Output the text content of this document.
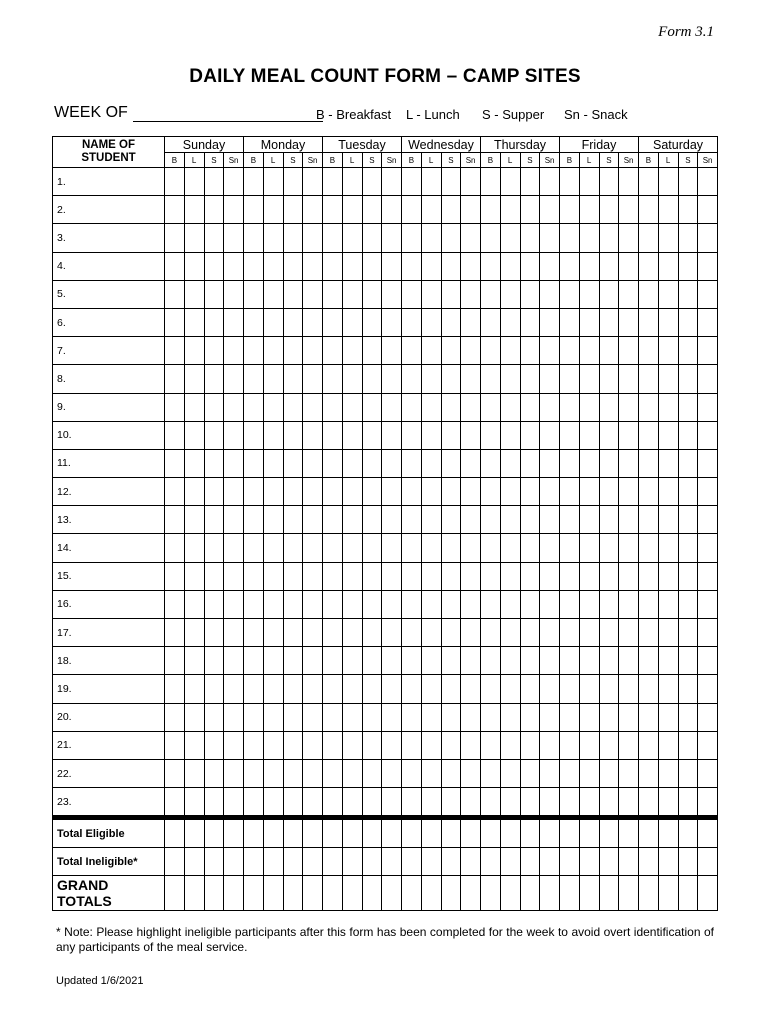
Form 3.1
DAILY MEAL COUNT FORM – CAMP SITES
WEEK OF	B - Breakfast L - Lunch S - Supper Sn - Snack
NAME OF
STUDENT	Sunday				Monday				Tuesday				Wednesday				Thursday				Friday				Saturday			
	B	L	S	Sn	B	L	S	Sn	B	L	S	Sn	B	L	S	Sn	B	L	S	Sn	B	L	S	Sn	B	L	S	Sn
1.																												
2.																												
3.																												
4.																												
5.																												
6.																												
7.																												
8.																												
9.																												
10.																												
11.																												
12.																												
13.																												
14.																												
15.																												
16.																												
17.																												
18.																												
19.																												
20.																												
21.																												
22.																												
23.																												
Total Eligible																												
Total Ineligible*																												
GRAND
TOTALS																												
* Note: Please highlight ineligible participants after this form has been completed for the week to avoid overt identification of any participants of the meal service.
Updated 1/6/2021
